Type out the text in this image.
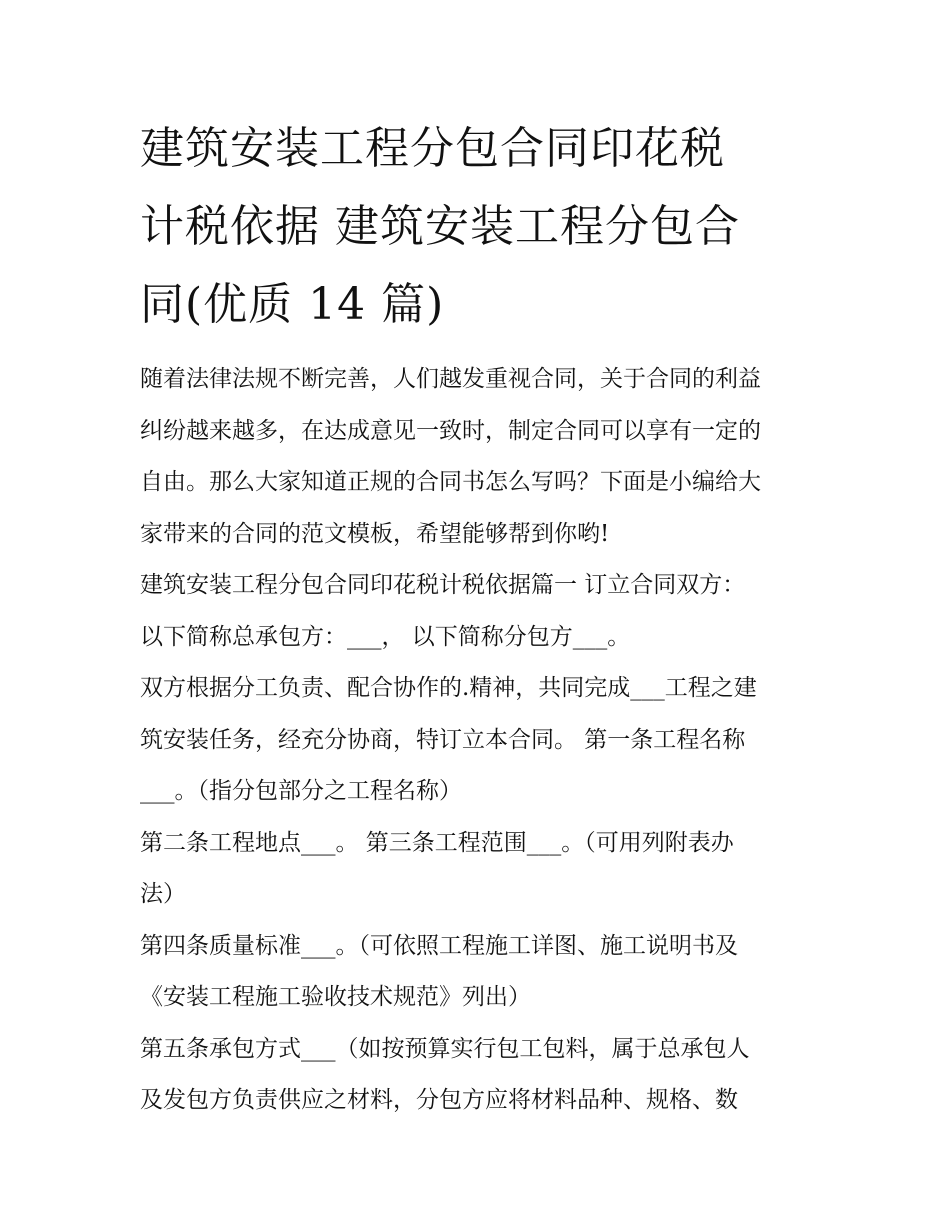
建筑安装工程分包合同印花税
计税依据 建筑安装工程分包合
同(优质 14 篇)

随着法律法规不断完善，人们越发重视合同，关于合同的利益
纠纷越来越多，在达成意见一致时，制定合同可以享有一定的
自由。那么大家知道正规的合同书怎么写吗？下面是小编给大
家带来的合同的范文模板，希望能够帮到你哟!

建筑安装工程分包合同印花税计税依据篇一 订立合同双方：

以下简称总承包方：___， 以下简称分包方___。

双方根据分工负责、配合协作的.精神，共同完成___工程之建
筑安装任务，经充分协商，特订立本合同。 第一条工程名称
___。（指分包部分之工程名称）

第二条工程地点___。 第三条工程范围___。（可用列附表办
法）

第四条质量标准___。（可依照工程施工详图、施工说明书及
《安装工程施工验收技术规范》列出）

第五条承包方式___（如按预算实行包工包料，属于总承包人
及发包方负责供应之材料，分包方应将材料品种、规格、数
